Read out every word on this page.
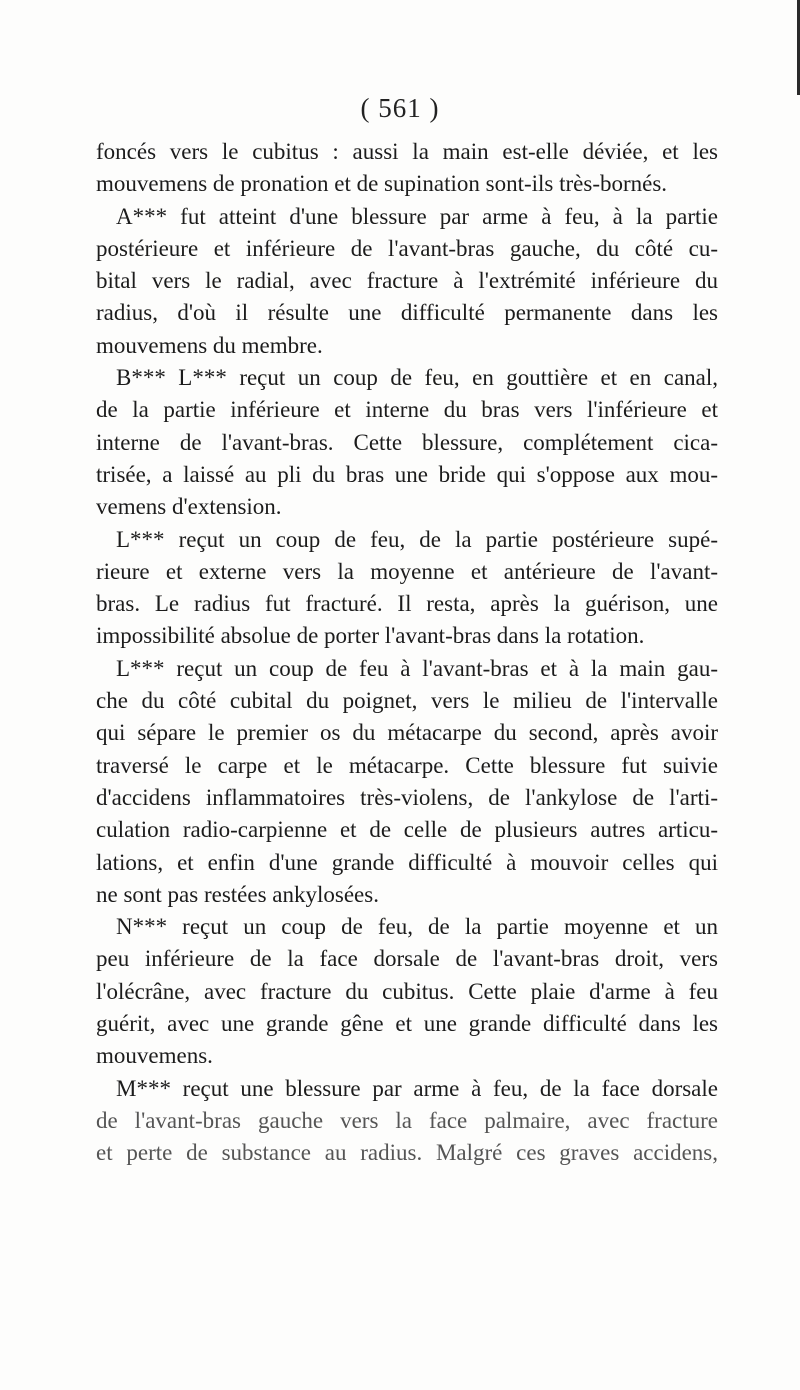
( 561 )
foncés vers le cubitus : aussi la main est-elle déviée, et les
mouvemens de pronation et de supination sont-ils très-bornés.
A*** fut atteint d'une blessure par arme à feu, à la partie
postérieure et inférieure de l'avant-bras gauche, du côté cu-
bital vers le radial, avec fracture à l'extrémité inférieure du
radius, d'où il résulte une difficulté permanente dans les
mouvemens du membre.
B*** L*** reçut un coup de feu, en gouttière et en canal,
de la partie inférieure et interne du bras vers l'inférieure et
interne de l'avant-bras. Cette blessure, complétement cica-
trisée, a laissé au pli du bras une bride qui s'oppose aux mou-
vemens d'extension.
L*** reçut un coup de feu, de la partie postérieure supé-
rieure et externe vers la moyenne et antérieure de l'avant-
bras. Le radius fut fracturé. Il resta, après la guérison, une
impossibilité absolue de porter l'avant-bras dans la rotation.
L*** reçut un coup de feu à l'avant-bras et à la main gau-
che du côté cubital du poignet, vers le milieu de l'intervalle
qui sépare le premier os du métacarpe du second, après avoir
traversé le carpe et le métacarpe. Cette blessure fut suivie
d'accidens inflammatoires très-violens, de l'ankylose de l'arti-
culation radio-carpienne et de celle de plusieurs autres articu-
lations, et enfin d'une grande difficulté à mouvoir celles qui
ne sont pas restées ankylosées.
N*** reçut un coup de feu, de la partie moyenne et un
peu inférieure de la face dorsale de l'avant-bras droit, vers
l'olécrâne, avec fracture du cubitus. Cette plaie d'arme à feu
guérit, avec une grande gêne et une grande difficulté dans les
mouvemens.
M*** reçut une blessure par arme à feu, de la face dorsale
de l'avant-bras gauche vers la face palmaire, avec fracture
et perte de substance au radius. Malgré ces graves accidens,
